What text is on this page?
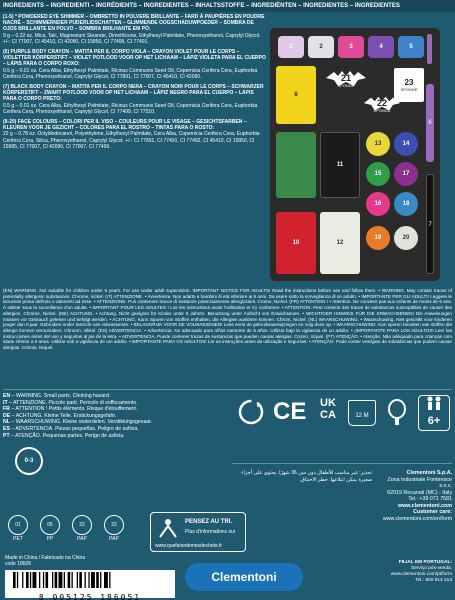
INGREDIENTS – INGREDIENTI – INGRÉDIENTS – INGREDIENTES – INHALTSSTOFFE – INGREDIËNTEN – INGREDIENTES – INGREDIENTES
(1-5) * POWDERED EYE SHIMMER – OMBRETTO IN POLVERE BRILLANTE – FARD À PAUPIÈRES EN POUDRE NACRÉ – SCHIMMERNDER PUDERLIDSCHATTEN – GLIMMENDE OOGSCHADUWPOEDER – SOMBRA DE OJOS BRILLANTE EN POLVO – SOMBRA BRILHANTE EM PÓ:
9 g – 0.32 oz. Mica, Talc, Magnesium Stearate, Dimethicone, Ethylhexyl Palmitate, Phenoxyethanol, Caprylyl Glycol. +/-: CI 77007, CI 45410, CI 42090, CI 15850, CI 77499, CI 77491.
(6) PURPLE BODY CRAYON – MATITA PER IL CORPO VIOLA – CRAYON VIOLET POUR LE CORPS – VIOLETTER KÖRPERSTIFT – VIOLET POTLOOD VOOR OP HET LICHAAM – LÁPIZ VIOLETA PARA EL CUERPO – LÁPIS PARA O CORPO ROXO:
0.5 g – 0.01 oz. Cera Alba, Ethylhexyl Palmitate, Ricinus Communis Seed Oil, Copernicia Cerifera Cera, Euphorbia Cerifera Cera, Phenoxyethanol, Caprylyl Glycol, CI 77891, CI 77007, CI 45410, CI 42090.
(7) BLACK BODY CRAYON – MATITA PER IL CORPO NERA – CRAYON NOIR POUR LE CORPS – SCHWARZER KÖRPERSTIFT – ZWART POTLOOD VOOR OP HET LICHAAM – LÁPIZ NEGRO PARA EL CUERPO – LÁPIS PARA O CORPO PRETO:
0.5 g – 0.01 oz. Cera Alba, Ethylhexyl Palmitate, Ricinus Communis Seed Oil, Copernicia Cerifera Cera, Euphorbia Cerifera Cera, Phenoxyethanol, Caprylyl Glycol, CI 77499, CI 77510.
(8-20) FACE COLOURS – COLORI PER IL VISO – COULEURS POUR LE VISAGE – GESICHTSFARBEN – KLEUREN VOOR JE GEZICHT – COLORES PARA EL ROSTRO – TINTAS PARA O ROSTO:
22 g – 0.78 oz. Octyldodecanol, Polyethylene, Ethylhexyl Palmitate, Cera Alba, Copernicia Cerifera Cera, Euphorbia Cerifera Cera, Silica, Phenoxyethanol, Caprylyl Glycol. +/-: CI 77891, CI 77491, CI 77492, CI 45410, CI 15850, CI 15985, CI 77007, CI 42090, CI 77007, CI 77499.
1	2	3	4	5
8
11
10	12
21
SPONGE
22
SPONGE
23
SPONGE
6
7
13	14
15	17
16	18
19	20
(EN) WARNING. Not suitable for children under 6 years. For use under adult supervision. IMPORTANT NOTICE FOR ADULTS! Read the instructions before use and follow them. • WARNING. May contain traces of potentially allergenic substances. Chrome, nickel. (IT) ATTENZIONE. • Avvertenza. Non adatto a bambini di età inferiore ai 6 anni. Da usare sotto la sorveglianza di un adulto. • IMPORTANTE PER GLI ADULTI! Leggere le istruzioni prima dell'uso e attenersi ad esse. • ATTENZIONE. Può contenere tracce di sostanze potenzialmente allergizzanti. Cromo, Nichel. (FR) ATTENTION ! • Attention. Ne convient pas aux enfants de moins de 6 ans. À utiliser sous la surveillance d'un adulte. • IMPORTANT POUR LES ADULTES ! Lire les instructions avant l'utilisation et s'y conformer. • ATTENTION. Peut contenir des traces de substances susceptibles de causer des allergies. Chrome, Nickel. (DE) ACHTUNG. • Achtung. Nicht geeignet für Kinder unter 6 Jahren. Benutzung unter Aufsicht von Erwachsenen. • WICHTIGER HINWEIS FÜR DIE ERWACHSENEN! Die Anweisungen müssen vor Gebrauch gelesen und befolgt werden. • ACHTUNG. Kann Spuren von Stoffen enthalten, die Allergien auslösen können. Chrom, Nickel. (NL) WAARSCHUWING. • Waarschuwing. Niet geschikt voor kinderen jonger dan 6 jaar. Gebruiken onder toezicht van volwassenen. • BELANGRIJK VOOR DE VOLWASSENEN! Lees eerst de gebruiksaanwijzingen en volg deze op. • WAARSCHUWING. Kan sporen bevatten van stoffen die allergie kunnen veroorzaken. Chroom, nikkel. (ES) ADVERTENCIA. • Advertencia. No adecuado para niños menores de 6 años. Utilizar bajo la vigilancia de un adulto. • ¡IMPORTANTE PARA LOS ADULTOS! Leer las instrucciones antes del uso y seguirlas al pie de la letra. • ADVERTENCIA. Puede contener trazas de sustancias que pueden causar alergias. Cromo, níquel. (PT) ATENÇÃO. • Atenção. Não adequado para crianças com idade inferior a 6 anos. Utilizar sob a vigilância de um adulto. • IMPORTANTE PARA OS ADULTOS! Ler as instruções antes da utilização e segui-las. • ATENÇÃO. Pode conter vestígios de substâncias que podem causar alergias. Crómio, Níquel.
EN – WARNING. Small parts. Choking hazard.
IT – ATTENZIONE. Piccole parti. Pericolo di soffocamento.
FR – ATTENTION ! Petits éléments. Risque d'étouffement.
DE – ACHTUNG. Kleine Teile. Erstickungsgefahr.
NL – WAARSCHUWING. Kleine onderdelen. Verstikkingsgevaar.
ES – ADVERTENCIA. Piezas pequeñas. Peligro de asfixia.
PT – ATENÇÃO. Pequenas partes. Perigo de asfixia.
CE	UK CA	12 M	6+
0-3
تحذير: غير مناسب للأطفال دون سن 36 شهرًا. يحتوي على أجزاء صغيرة يمكن ابتلاعها. خطر الاختناق.
Clementoni S.p.A.
Zona Industriale Fontenoce s.n.c.
62019 Recanati (MC) - Italy
Tel.: +39 071 7581
www.clementoni.com
Customer care:
www.clementoni.com/en/form
01
PET
05
PP
22
PAP
22
PAP
PENSEZ AU TRI.
Plus d'informations sur
www.quefairedemesdechets.fr
Made in China / Fabricado na China
code 18605
8 005125 186051
Clementoni
FILIAL EM PORTUGAL:
Serviço pós-venda:
www.clementoni.com/pt/form
Tel.: 800 914 313
